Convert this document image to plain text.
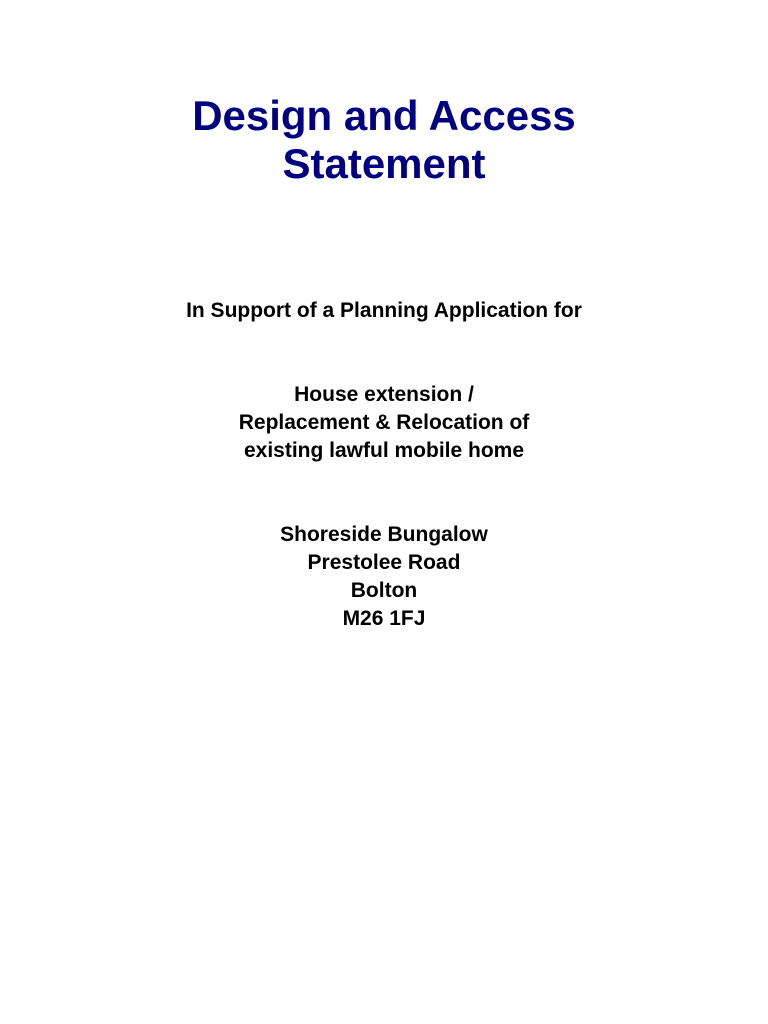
Design and Access
Statement

In Support of a Planning Application for

House extension /

Replacement & Relocation of

existing lawful mobile home

Shoreside Bungalow

Prestolee Road

Bolton

M26 1FJ
